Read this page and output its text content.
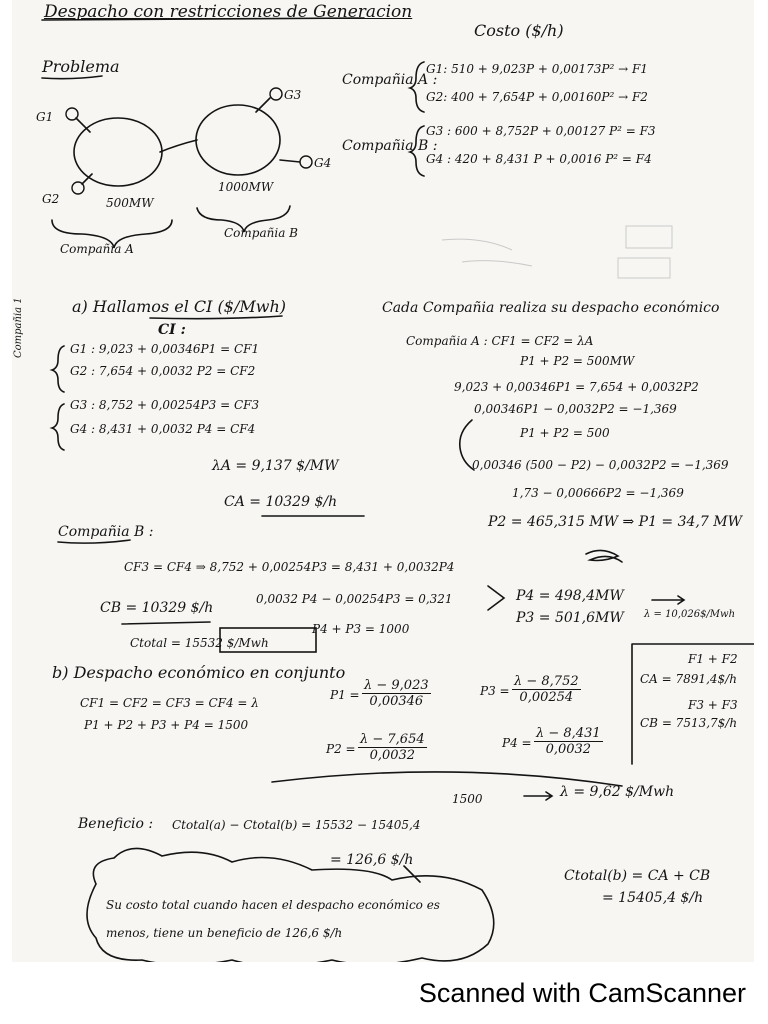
Despacho con restricciones de Generacion
Costo ($/h)
Problema
G1
G2
G3
G4
500MW
1000MW
Compañia A
Compañia B
Compañia A :
G1: 510 + 9,023P + 0,00173P² → F1
G2: 400 + 7,654P + 0,00160P² → F2
Compañia B :
G3 : 600 + 8,752P + 0,00127 P² = F3
G4 : 420 + 8,431 P + 0,0016 P² = F4
a) Hallamos el CI ($/Mwh)
CI :
Compañia 1	G1 : 9,023 + 0,00346P1 = CF1
G2 : 7,654 + 0,0032 P2 = CF2
G3 : 8,752 + 0,00254P3 = CF3
G4 : 8,431 + 0,0032 P4 = CF4
λA = 9,137 $/MW
CA = 10329 $/h
Compañia B :
CF3 = CF4 ⇒ 8,752 + 0,00254P3 = 8,431 + 0,0032P4
CB = 10329 $/h
0,0032 P4 − 0,00254P3 = 0,321
P4 + P3 = 1000
P4 = 498,4MW
P3 = 501,6MW λ = 10,026$/Mwh
Ctotal = 15532 $/Mwh
Cada Compañia realiza su despacho económico
Compañia A : CF1 = CF2 = λA
P1 + P2 = 500MW
9,023 + 0,00346P1 = 7,654 + 0,0032P2
0,00346P1 − 0,0032P2 = −1,369
P1 + P2 = 500
0,00346 (500 − P2) − 0,0032P2 = −1,369
1,73 − 0,00666P2 = −1,369
P2 = 465,315 MW ⇒ P1 = 34,7 MW
b) Despacho económico en conjunto
CF1 = CF2 = CF3 = CF4 = λ
P1 + P2 + P3 + P4 = 1500
$P1 = \frac{\lambda - 9,023}{0,00346}$
$P2 = \frac{\lambda - 7,654}{0,0032}$
$P3 = \frac{\lambda - 8,752}{0,00254}$
$P4 = \frac{\lambda - 8,431}{0,0032}$
1500	λ = 9,62 $/Mwh
F1 + F2
CA = 7891,4$/h
F3 + F3
CB = 7513,7$/h
Ctotal(b) = CA + CB
= 15405,4 $/h
Beneficio : Ctotal(a) − Ctotal(b) = 15532 − 15405,4
= 126,6 $/h
Su costo total cuando hacen el despacho económico es
menos, tiene un beneficio de 126,6 $/h
Scanned with CamScanner
